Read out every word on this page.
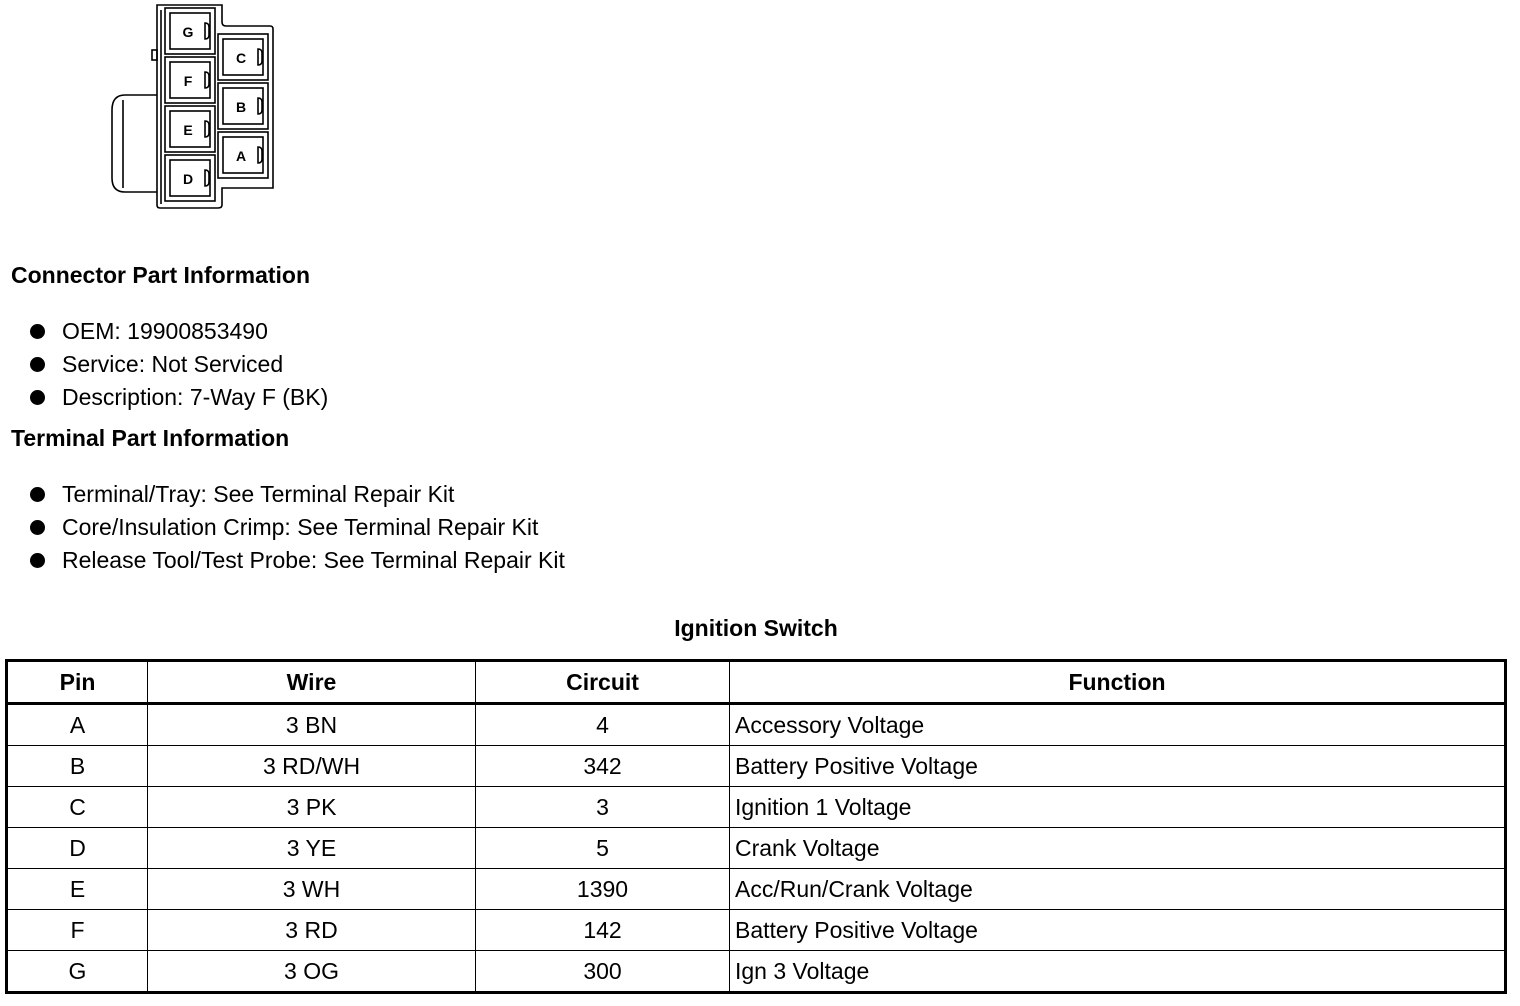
G
F
E
D
C
B
A
Connector Part Information
OEM: 19900853490
Service: Not Serviced
Description: 7-Way F (BK)
Terminal Part Information
Terminal/Tray: See Terminal Repair Kit
Core/Insulation Crimp: See Terminal Repair Kit
Release Tool/Test Probe: See Terminal Repair Kit
Ignition Switch
Pin	Wire	Circuit	Function
A	3 BN	4	Accessory Voltage
B	3 RD/WH	342	Battery Positive Voltage
C	3 PK	3	Ignition 1 Voltage
D	3 YE	5	Crank Voltage
E	3 WH	1390	Acc/Run/Crank Voltage
F	3 RD	142	Battery Positive Voltage
G	3 OG	300	Ign 3 Voltage
